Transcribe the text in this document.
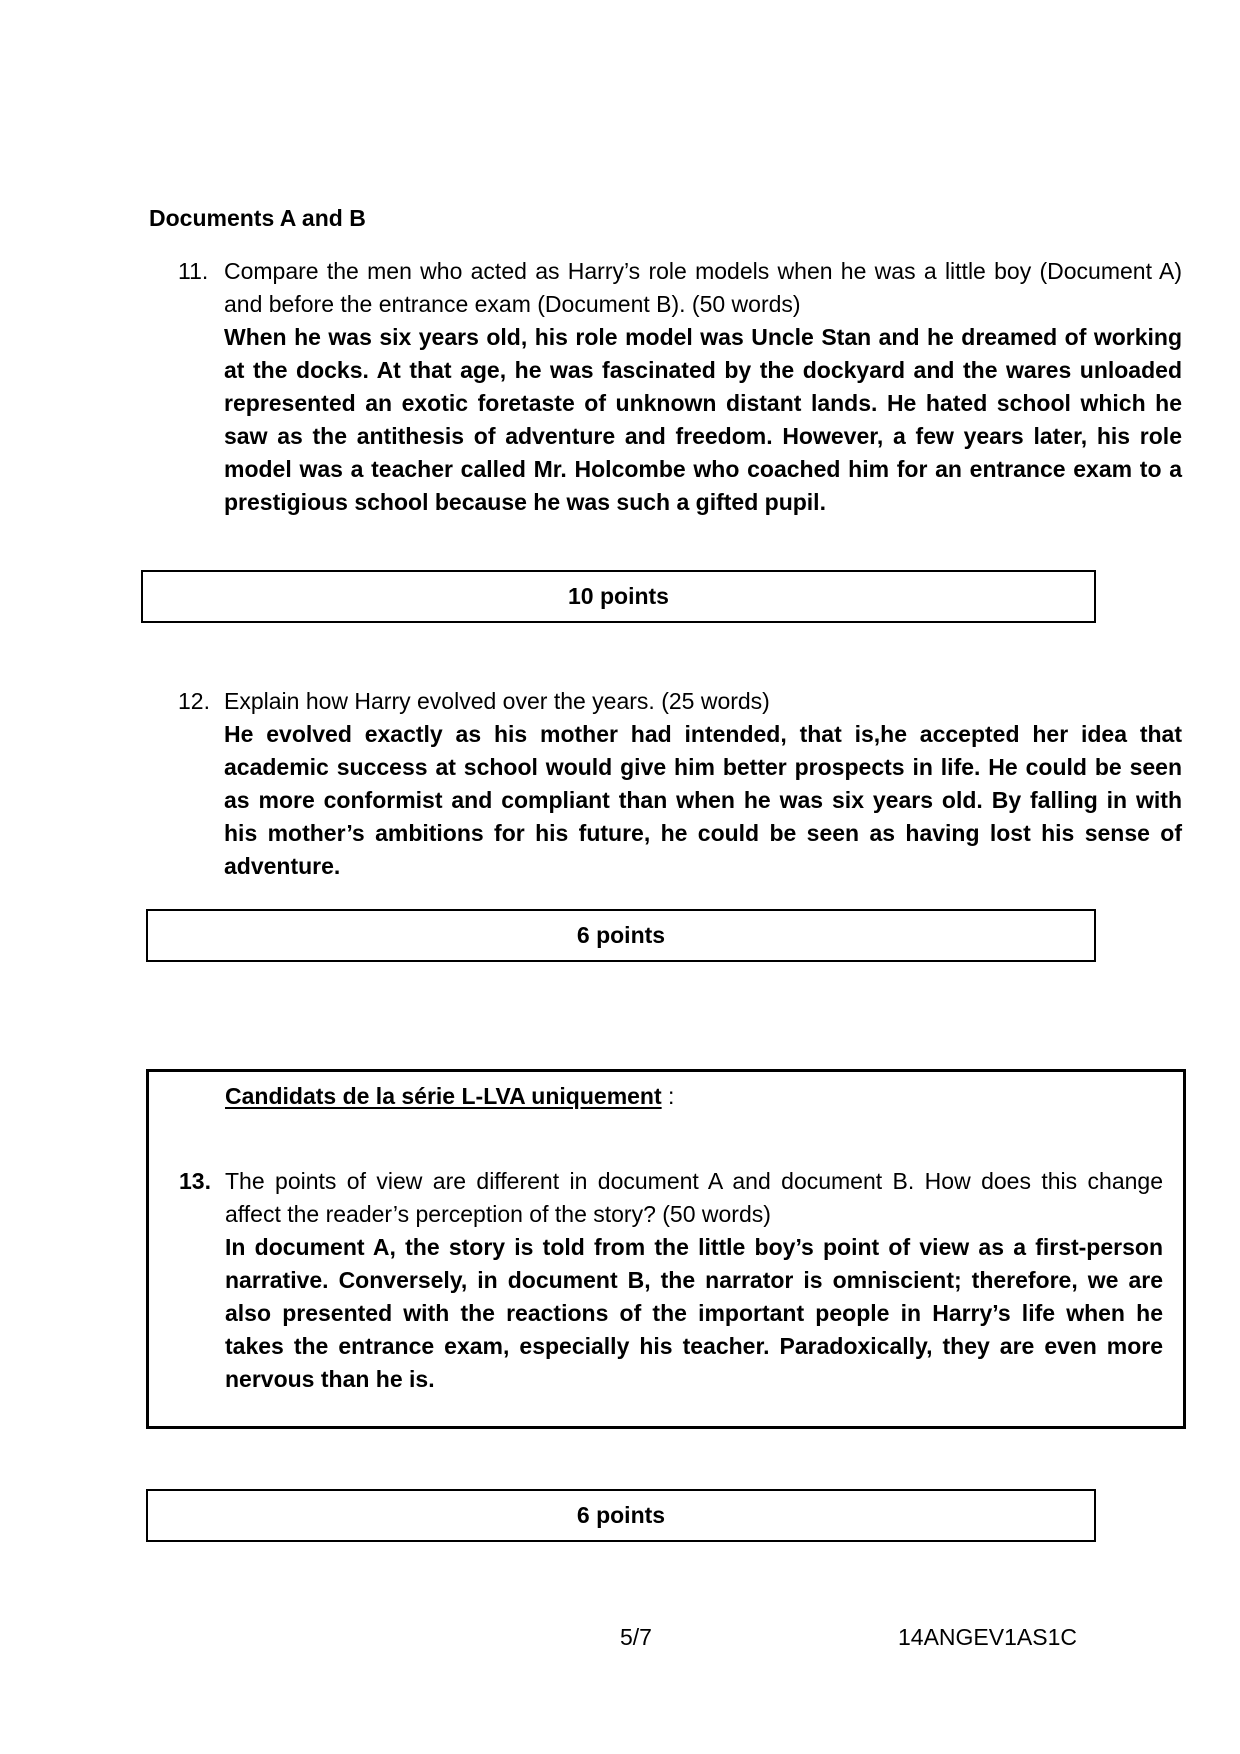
Documents A and B
11. Compare the men who acted as Harry’s role models when he was a little boy (Document A) and before the entrance exam (Document B). (50 words)
When he was six years old, his role model was Uncle Stan and he dreamed of working at the docks. At that age, he was fascinated by the dockyard and the wares unloaded represented an exotic foretaste of unknown distant lands. He hated school which he saw as the antithesis of adventure and freedom. However, a few years later, his role model was a teacher called Mr. Holcombe who coached him for an entrance exam to a prestigious school because he was such a gifted pupil.
10 points
12. Explain how Harry evolved over the years. (25 words)
He evolved exactly as his mother had intended, that is,he accepted her idea that academic success at school would give him better prospects in life. He could be seen as more conformist and compliant than when he was six years old. By falling in with his mother’s ambitions for his future, he could be seen as having lost his sense of adventure.
6 points
Candidats de la série L-LVA uniquement :
13. The points of view are different in document A and document B. How does this change affect the reader’s perception of the story? (50 words)
In document A, the story is told from the little boy’s point of view as a first-person narrative. Conversely, in document B, the narrator is omniscient; therefore, we are also presented with the reactions of the important people in Harry’s life when he takes the entrance exam, especially his teacher. Paradoxically, they are even more nervous than he is.
6 points
5/7	14ANGEV1AS1C
